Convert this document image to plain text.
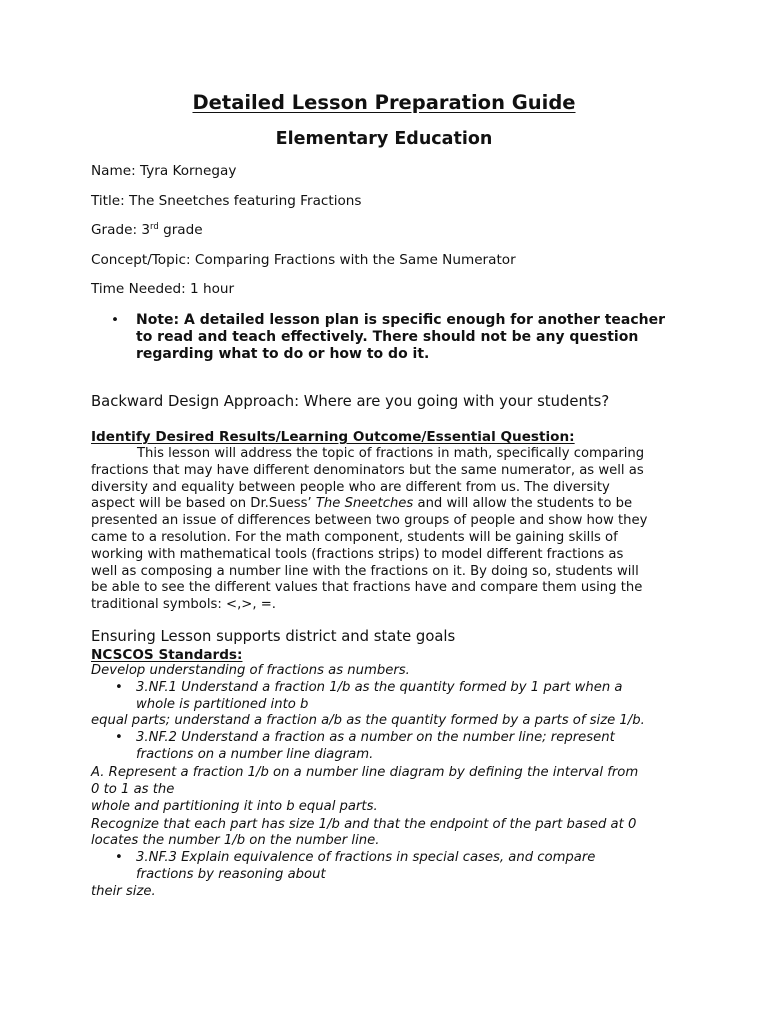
Detailed Lesson Preparation Guide
Elementary Education

Name: Tyra Kornegay

Title: The Sneetches featuring Fractions

Grade: 3rd grade

Concept/Topic: Comparing Fractions with the Same Numerator

Time Needed: 1 hour

• Note: A detailed lesson plan is specific enough for another teacher to read and teach effectively. There should not be any question regarding what to do or how to do it.

Backward Design Approach: Where are you going with your students?

Identify Desired Results/Learning Outcome/Essential Question:

This lesson will address the topic of fractions in math, specifically comparing
fractions that may have different denominators but the same numerator, as well as
diversity and equality between people who are different from us. The diversity
aspect will be based on Dr.Suess’ The Sneetches and will allow the students to be
presented an issue of differences between two groups of people and show how they
came to a resolution. For the math component, students will be gaining skills of
working with mathematical tools (fractions strips) to model different fractions as
well as composing a number line with the fractions on it. By doing so, students will
be able to see the different values that fractions have and compare them using the
traditional symbols: <,>, =.

Ensuring Lesson supports district and state goals

NCSCOS Standards:

Develop understanding of fractions as numbers.
• 3.NF.1 Understand a fraction 1/b as the quantity formed by 1 part when a
whole is partitioned into b
equal parts; understand a fraction a/b as the quantity formed by a parts of size 1/b.
• 3.NF.2 Understand a fraction as a number on the number line; represent
fractions on a number line diagram.
A. Represent a fraction 1/b on a number line diagram by defining the interval from
0 to 1 as the
whole and partitioning it into b equal parts.
Recognize that each part has size 1/b and that the endpoint of the part based at 0
locates the number 1/b on the number line.
• 3.NF.3 Explain equivalence of fractions in special cases, and compare
fractions by reasoning about
their size.
